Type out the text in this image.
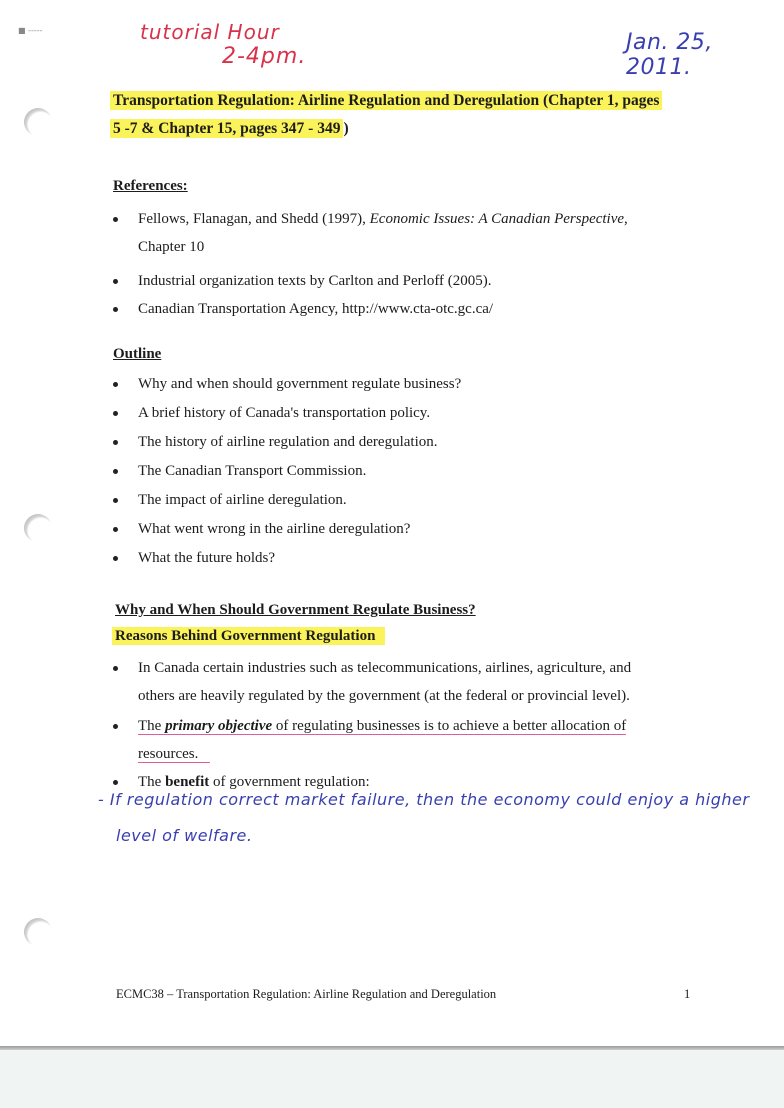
■ -----	tutorial Hour
2-4pm.
Jan. 25, 2011.
Transportation Regulation: Airline Regulation and Deregulation (Chapter 1, pages
5 -7 & Chapter 15, pages 347 - 349 )
References:
Fellows, Flanagan, and Shedd (1997), Economic Issues: A Canadian Perspective,
Chapter 10
Industrial organization texts by Carlton and Perloff (2005).
Canadian Transportation Agency, http://www.cta-otc.gc.ca/
Outline
Why and when should government regulate business?
A brief history of Canada's transportation policy.
The history of airline regulation and deregulation.
The Canadian Transport Commission.
The impact of airline deregulation.
What went wrong in the airline deregulation?
What the future holds?
Why and When Should Government Regulate Business?
Reasons Behind Government Regulation
In Canada certain industries such as telecommunications, airlines, agriculture, and
others are heavily regulated by the government (at the federal or provincial level).
The primary objective of regulating businesses is to achieve a better allocation of
resources.
The benefit of government regulation:
- If regulation correct market failure, then the economy could enjoy a higher
level of welfare.
ECMC38 – Transportation Regulation: Airline Regulation and Deregulation	1
